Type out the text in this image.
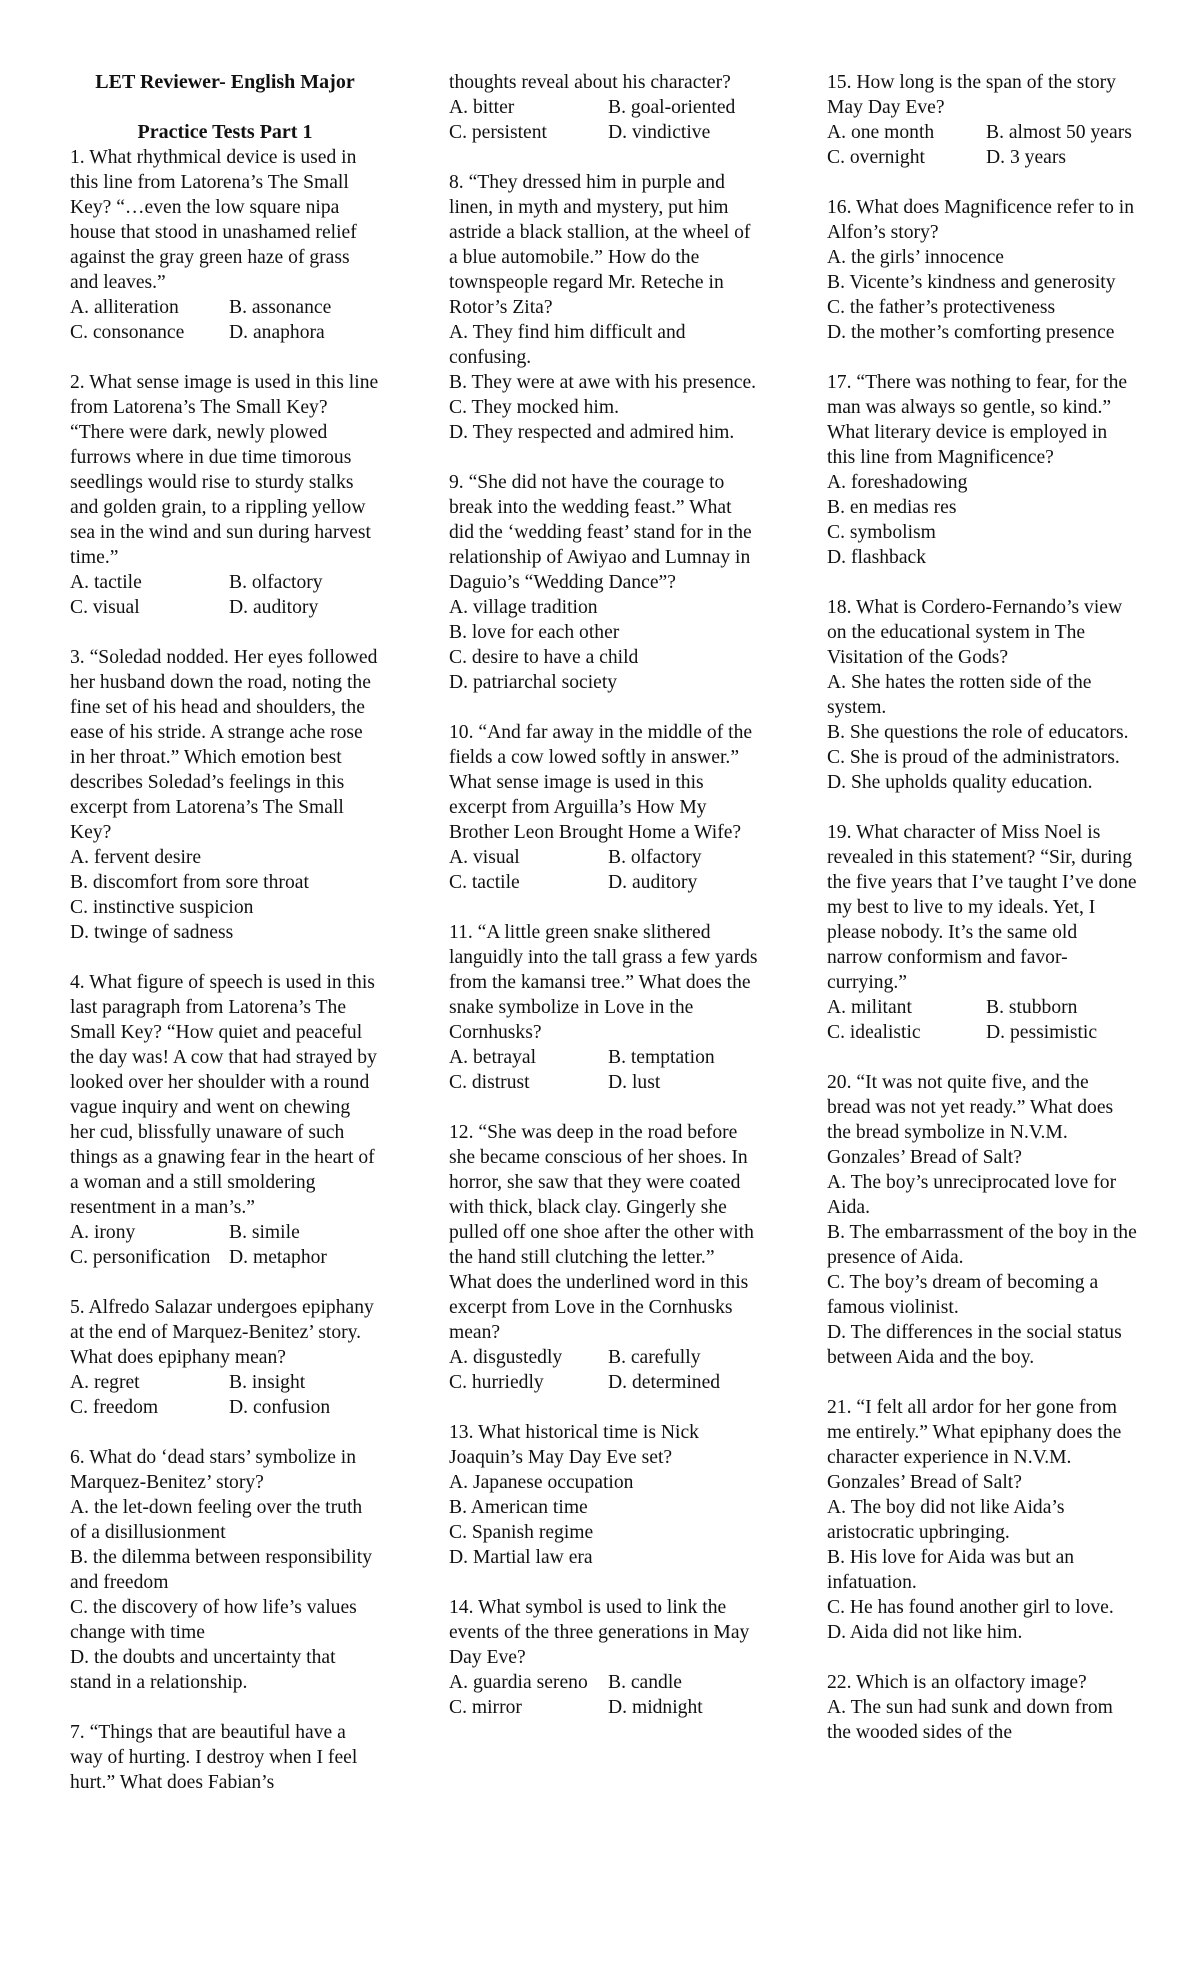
LET Reviewer- English Major
Practice Tests Part 1

1. What rhythmical device is used in this line from Latorena’s The Small Key? “…even the low square nipa house that stood in unashamed relief against the gray green haze of grass and leaves.”

A. alliteration	B. assonance
C. consonance	D. anaphora

2. What sense image is used in this line from Latorena’s The Small Key? “There were dark, newly plowed furrows where in due time timorous seedlings would rise to sturdy stalks and golden grain, to a rippling yellow sea in the wind and sun during harvest time.”

A. tactile	B. olfactory
C. visual	D. auditory

3. “Soledad nodded. Her eyes followed her husband down the road, noting the fine set of his head and shoulders, the ease of his stride. A strange ache rose in her throat.” Which emotion best describes Soledad’s feelings in this excerpt from Latorena’s The Small Key?

A. fervent desire
B. discomfort from sore throat
C. instinctive suspicion
D. twinge of sadness

4. What figure of speech is used in this last paragraph from Latorena’s The Small Key? “How quiet and peaceful the day was! A cow that had strayed by looked over her shoulder with a round vague inquiry and went on chewing her cud, blissfully unaware of such things as a gnawing fear in the heart of a woman and a still smoldering resentment in a man’s.”

A. irony	B. simile
C. personification D. metaphor

5. Alfredo Salazar undergoes epiphany at the end of Marquez-Benitez’ story. What does epiphany mean?

A. regret	B. insight
C. freedom	D. confusion

6. What do ‘dead stars’ symbolize in Marquez-Benitez’ story?

A. the let-down feeling over the truth of a disillusionment
B. the dilemma between responsibility and freedom
C. the discovery of how life’s values change with time
D. the doubts and uncertainty that stand in a relationship.

7. “Things that are beautiful have a way of hurting. I destroy when I feel hurt.” What does Fabian’s

thoughts reveal about his character?

A. bitter	B. goal-oriented
C. persistent	D. vindictive

8. “They dressed him in purple and linen, in myth and mystery, put him astride a black stallion, at the wheel of a blue automobile.” How do the townspeople regard Mr. Reteche in Rotor’s Zita?

A. They find him difficult and confusing.
B. They were at awe with his presence.
C. They mocked him.
D. They respected and admired him.

9. “She did not have the courage to break into the wedding feast.” What did the ‘wedding feast’ stand for in the relationship of Awiyao and Lumnay in Daguio’s “Wedding Dance”?

A. village tradition
B. love for each other
C. desire to have a child
D. patriarchal society

10. “And far away in the middle of the fields a cow lowed softly in answer.” What sense image is used in this excerpt from Arguilla’s How My Brother Leon Brought Home a Wife?

A. visual	B. olfactory
C. tactile	D. auditory

11. “A little green snake slithered languidly into the tall grass a few yards from the kamansi tree.” What does the snake symbolize in Love in the Cornhusks?

A. betrayal	B. temptation
C. distrust	D. lust

12. “She was deep in the road before she became conscious of her shoes. In horror, she saw that they were coated with thick, black clay. Gingerly she pulled off one shoe after the other with the hand still clutching the letter.” What does the underlined word in this excerpt from Love in the Cornhusks mean?

A. disgustedly	B. carefully
C. hurriedly	D. determined

13. What historical time is Nick Joaquin’s May Day Eve set?

A. Japanese occupation
B. American time
C. Spanish regime
D. Martial law era

14. What symbol is used to link the events of the three generations in May Day Eve?

A. guardia sereno	B. candle
C. mirror	D. midnight

15. How long is the span of the story May Day Eve?

A. one month	B. almost 50 years
C. overnight	D. 3 years

16. What does Magnificence refer to in Alfon’s story?

A. the girls’ innocence
B. Vicente’s kindness and generosity
C. the father’s protectiveness
D. the mother’s comforting presence

17. “There was nothing to fear, for the man was always so gentle, so kind.” What literary device is employed in this line from Magnificence?

A. foreshadowing
B. en medias res
C. symbolism
D. flashback

18. What is Cordero-Fernando’s view on the educational system in The Visitation of the Gods?

A. She hates the rotten side of the system.
B. She questions the role of educators.
C. She is proud of the administrators.
D. She upholds quality education.

19. What character of Miss Noel is revealed in this statement? “Sir, during the five years that I’ve taught I’ve done my best to live to my ideals. Yet, I please nobody. It’s the same old narrow conformism and favor-currying.”

A. militant	B. stubborn
C. idealistic	D. pessimistic

20. “It was not quite five, and the bread was not yet ready.” What does the bread symbolize in N.V.M. Gonzales’ Bread of Salt?

A. The boy’s unreciprocated love for Aida.
B. The embarrassment of the boy in the presence of Aida.
C. The boy’s dream of becoming a famous violinist.
D. The differences in the social status between Aida and the boy.

21. “I felt all ardor for her gone from me entirely.” What epiphany does the character experience in N.V.M. Gonzales’ Bread of Salt?

A. The boy did not like Aida’s aristocratic upbringing.
B. His love for Aida was but an infatuation.
C. He has found another girl to love.
D. Aida did not like him.

22. Which is an olfactory image?

A. The sun had sunk and down from the wooded sides of the
